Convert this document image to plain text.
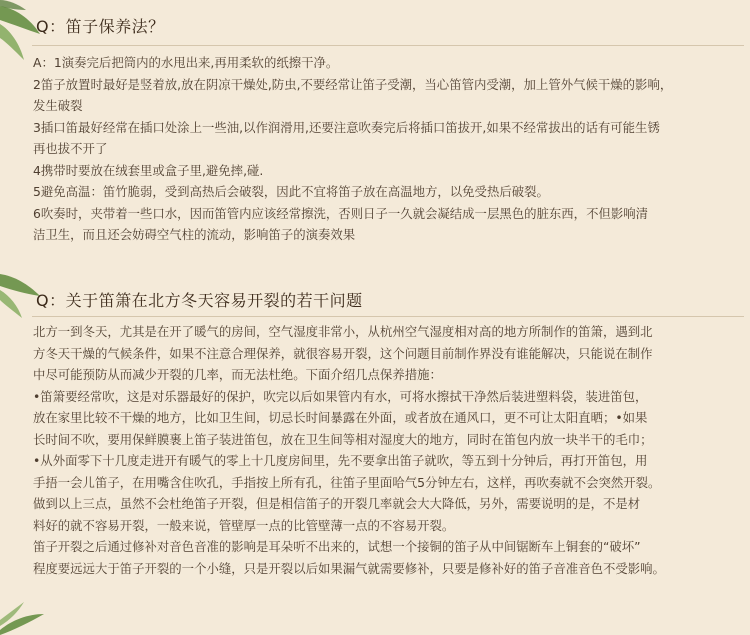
Q：笛子保养法？

A：1演奏完后把筒内的水甩出来,再用柔软的纸擦干净。

2笛子放置时最好是竖着放,放在阴凉干燥处,防虫,不要经常让笛子受潮，当心笛管内受潮，加上管外气候干燥的影响，

发生破裂

3插口笛最好经常在插口处涂上一些油,以作润滑用,还要注意吹奏完后将插口笛拔开,如果不经常拔出的话有可能生锈

再也拔不开了

4携带时要放在绒套里或盒子里,避免摔,碰.

5避免高温：笛竹脆弱，受到高热后会破裂，因此不宜将笛子放在高温地方，以免受热后破裂。

6吹奏时，夹带着一些口水，因而笛管内应该经常擦洗，否则日子一久就会凝结成一层黑色的脏东西，不但影响清

洁卫生，而且还会妨碍空气柱的流动，影响笛子的演奏效果

Q：关于笛箫在北方冬天容易开裂的若干问题

北方一到冬天，尤其是在开了暖气的房间，空气湿度非常小，从杭州空气湿度相对高的地方所制作的笛箫，遇到北

方冬天干燥的气候条件，如果不注意合理保养，就很容易开裂，这个问题目前制作界没有谁能解决，只能说在制作

中尽可能预防从而减少开裂的几率，而无法杜绝。下面介绍几点保养措施：

•笛箫要经常吹，这是对乐器最好的保护，吹完以后如果管内有水，可将水擦拭干净然后装进塑料袋，装进笛包，

放在家里比较不干燥的地方，比如卫生间，切忌长时间暴露在外面，或者放在通风口，更不可让太阳直晒；•如果

长时间不吹，要用保鲜膜裹上笛子装进笛包，放在卫生间等相对湿度大的地方，同时在笛包内放一块半干的毛巾；

•从外面零下十几度走进开有暖气的零上十几度房间里，先不要拿出笛子就吹，等五到十分钟后，再打开笛包，用

手捂一会儿笛子，在用嘴含住吹孔，手指按上所有孔，往笛子里面哈气5分钟左右，这样，再吹奏就不会突然开裂。

做到以上三点，虽然不会杜绝笛子开裂，但是相信笛子的开裂几率就会大大降低，另外，需要说明的是，不是材

料好的就不容易开裂，一般来说，管壁厚一点的比管壁薄一点的不容易开裂。

笛子开裂之后通过修补对音色音准的影响是耳朵听不出来的，试想一个接铜的笛子从中间锯断车上铜套的“破坏”

程度要远远大于笛子开裂的一个小缝，只是开裂以后如果漏气就需要修补，只要是修补好的笛子音准音色不受影响。
